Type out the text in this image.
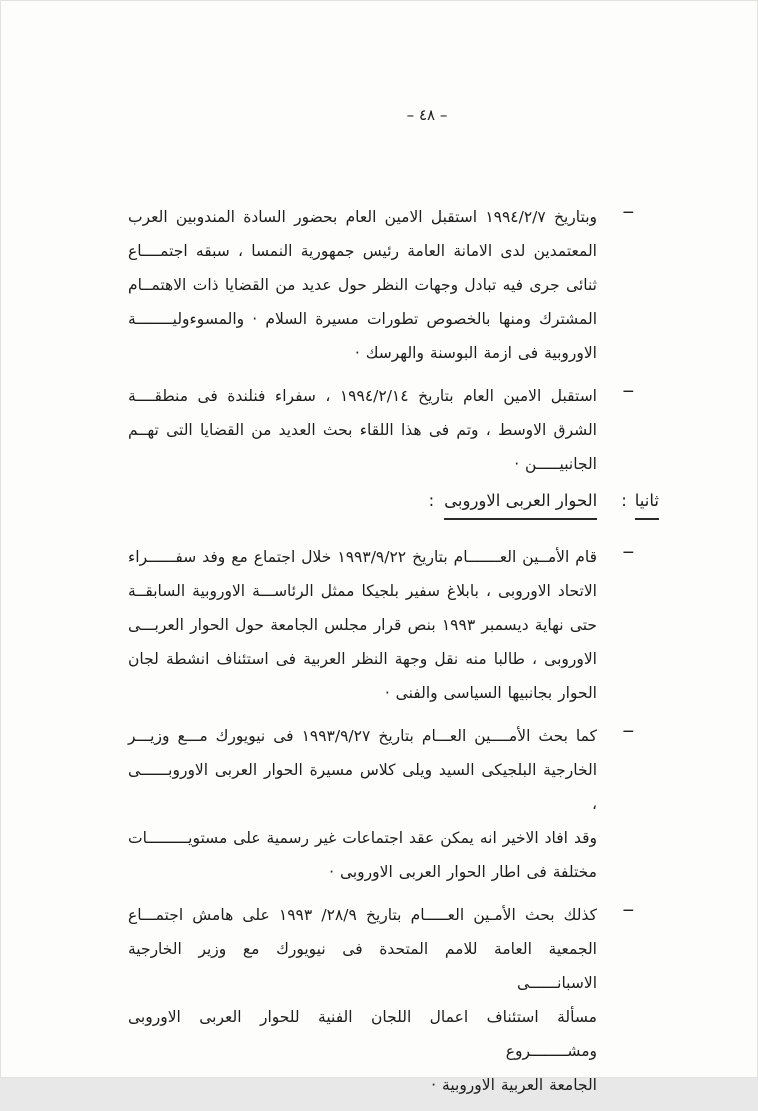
– ٤٨ –
ــ
وبتاريخ ١٩٩٤/٢/٧ استقبل الامين العام بحضور السادة المندوبين العرب
المعتمدين لدى الامانة العامة رئيس جمهورية النمسا ، سبقه اجتمــــاع
ثنائى جرى فيه تبادل وجهات النظر حول عديد من القضايا ذات الاهتمــام
المشترك ومنها بالخصوص تطورات مسيرة السلام · والمسوءوليــــــــة
الاوروبية فى ازمة البوسنة والهرسك ·
ــ
استقبل الامين العام بتاريخ ١٩٩٤/٢/١٤ ، سفراء فنلندة فى منطقــــة
الشرق الاوسط ، وتم فى هذا اللقاء بحث العديد من القضايا التى تهــم
الجانبيـــــن ·
ثانيا
:
الحوار العربى الاوروبى
:
ــ
قام الأمــين العـــــــام بتاريخ ١٩٩٣/٩/٢٢ خلال اجتماع مع وفد سفــــــراء
الاتحاد الاوروبى ، بابلاغ سفير بلجيكا ممثل الرئاســـة الاوروبية السابقــة
حتى نهاية ديسمبر ١٩٩٣ بنص قرار مجلس الجامعة حول الحوار العربـــى
الاوروبى ، طالبا منه نقل وجهة النظر العربية فى استئناف انشطة لجان
الحوار بجانبيها السياسى والفنى ·
ــ
كما بحث الأمــــين العـــام بتاريخ ١٩٩٣/٩/٢٧ فى نيويورك مـــع وزيـــر
الخارجية البلجيكى السيد ويلى كلاس مسيرة الحوار العربى الاوروبــــــى ،
وقد افاد الاخير انه يمكن عقد اجتماعات غير رسمية على مستويـــــــــات
مختلفة فى اطار الحوار العربى الاوروبى ·
ــ
كذلك بحث الأمـين العـــــام بتاريخ ٢٨/٩/ ١٩٩٣ على هامش اجتمـــاع
الجمعية العامة للامم المتحدة فى نيويورك مع وزير الخارجية الاسبانــــــى
مسألة استئناف اعمال اللجان الفنية للحوار العربى الاوروبى ومشــــــــروع
الجامعة العربية الاوروبية ·
